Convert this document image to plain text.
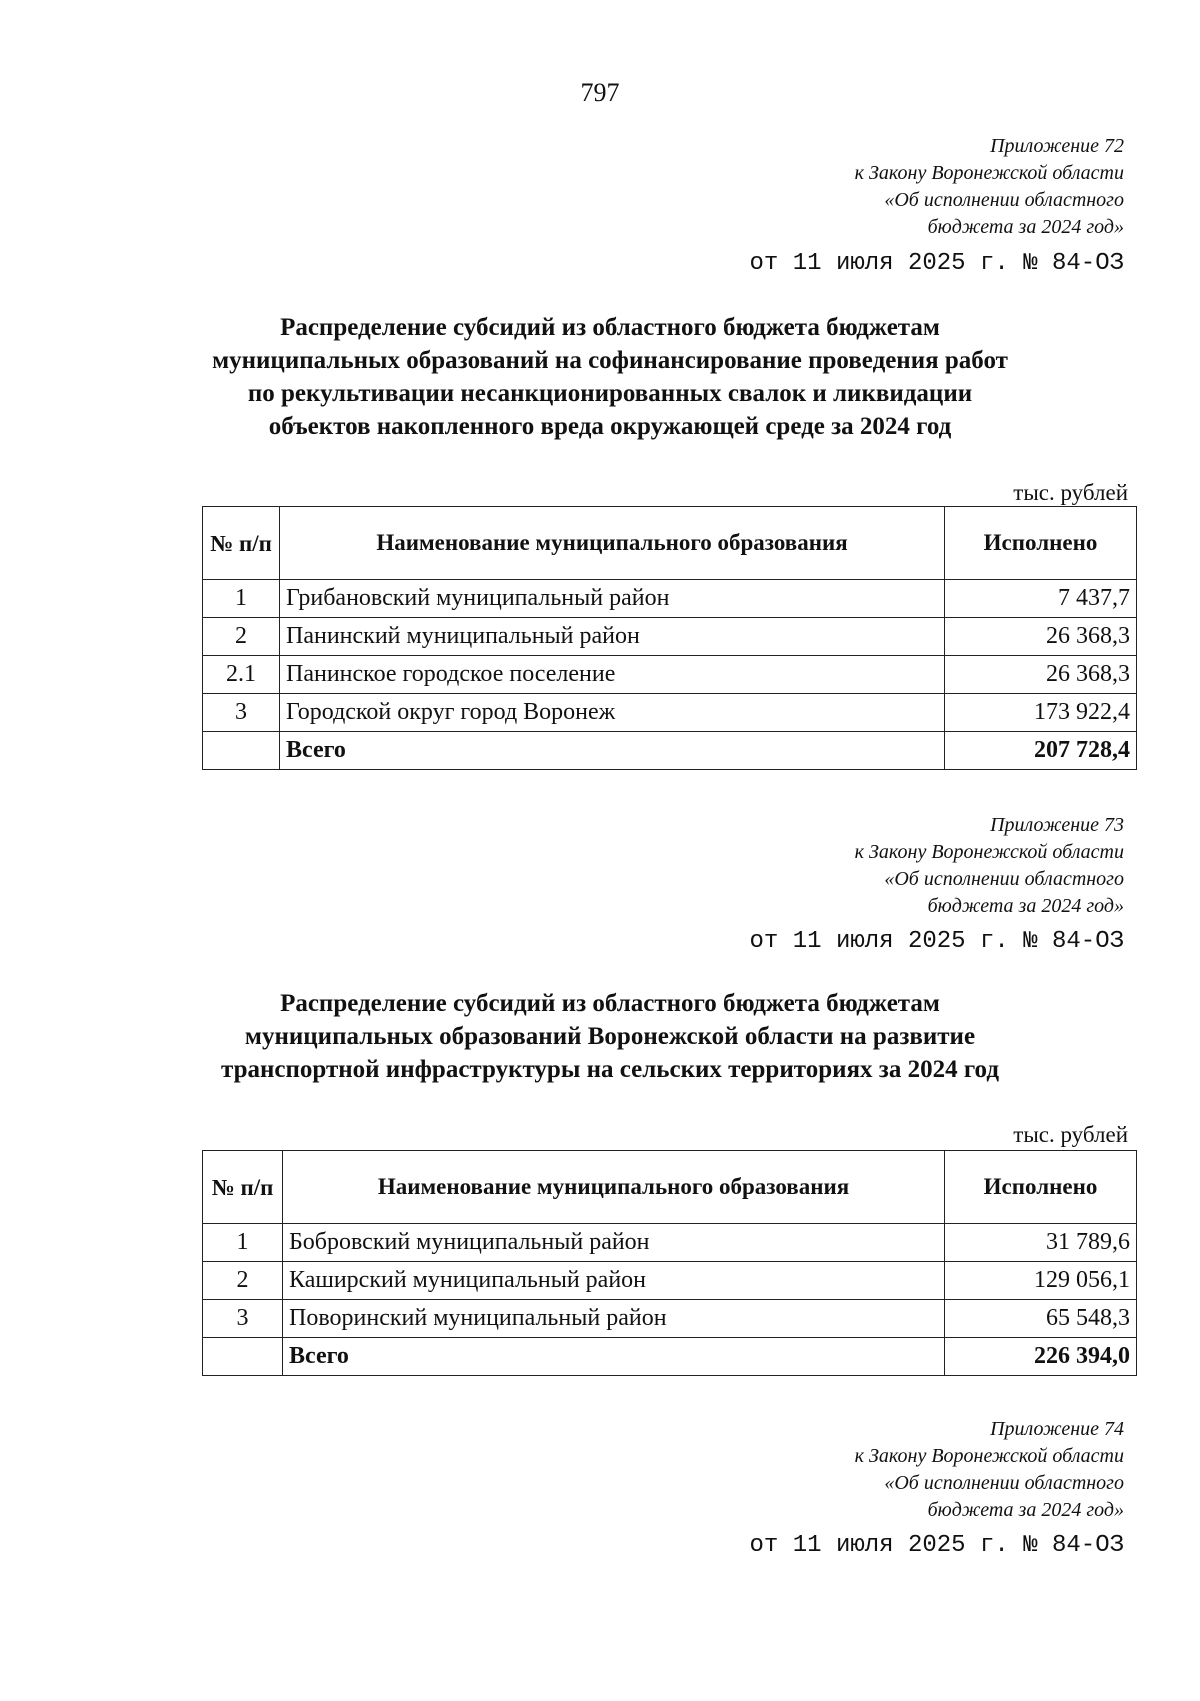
797
Приложение 72
к Закону Воронежской области
«Об исполнении областного
бюджета за 2024 год»
от 11 июля 2025 г. № 84-ОЗ
Распределение субсидий из областного бюджета бюджетам
муниципальных образований на софинансирование проведения работ
по рекультивации несанкционированных свалок и ликвидации
объектов накопленного вреда окружающей среде за 2024 год
тыс. рублей
№ п/п	Наименование муниципального образования	Исполнено
1	Грибановский муниципальный район	7 437,7
2	Панинский муниципальный район	26 368,3
2.1	Панинское городское поселение	26 368,3
3	Городской округ город Воронеж	173 922,4
	Всего	207 728,4
Приложение 73
к Закону Воронежской области
«Об исполнении областного
бюджета за 2024 год»
от 11 июля 2025 г. № 84-ОЗ
Распределение субсидий из областного бюджета бюджетам
муниципальных образований Воронежской области на развитие
транспортной инфраструктуры на сельских территориях за 2024 год
тыс. рублей
№ п/п	Наименование муниципального образования	Исполнено
1	Бобровский муниципальный район	31 789,6
2	Каширский муниципальный район	129 056,1
3	Поворинский муниципальный район	65 548,3
	Всего	226 394,0
Приложение 74
к Закону Воронежской области
«Об исполнении областного
бюджета за 2024 год»
от 11 июля 2025 г. № 84-ОЗ
